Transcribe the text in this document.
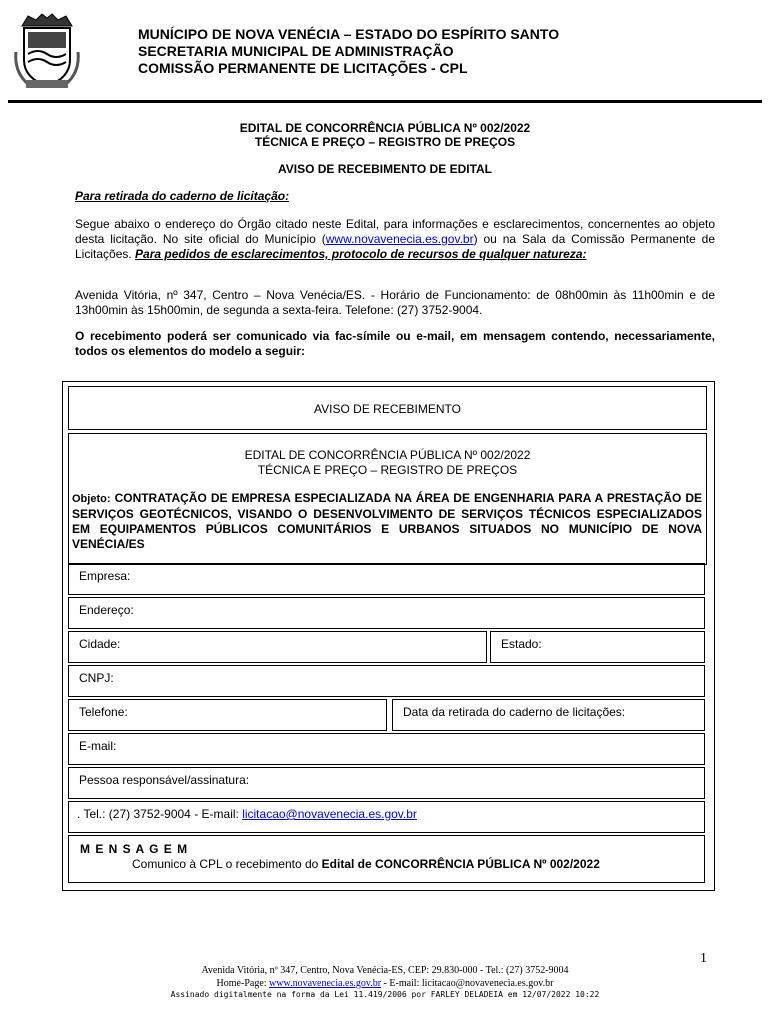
MUNÍCIPO DE NOVA VENÉCIA – ESTADO DO ESPÍRITO SANTO
SECRETARIA MUNICIPAL DE ADMINISTRAÇÃO
COMISSÃO PERMANENTE DE LICITAÇÕES - CPL
EDITAL DE CONCORRÊNCIA PÚBLICA Nº 002/2022
TÉCNICA E PREÇO – REGISTRO DE PREÇOS
AVISO DE RECEBIMENTO DE EDITAL
Para retirada do caderno de licitação:
Segue abaixo o endereço do Órgão citado neste Edital, para informações e esclarecimentos, concernentes ao objeto desta licitação. No site oficial do Município (www.novavenecia.es.gov.br) ou na Sala da Comissão Permanente de Licitações. Para pedidos de esclarecimentos, protocolo de recursos de qualquer natureza:
Avenida Vitória, nº 347, Centro – Nova Venécia/ES. - Horário de Funcionamento: de 08h00min às 11h00min e de 13h00min às 15h00min, de segunda a sexta-feira. Telefone: (27) 3752-9004.
O recebimento poderá ser comunicado via fac-símile ou e-mail, em mensagem contendo, necessariamente, todos os elementos do modelo a seguir:
AVISO DE RECEBIMENTO
EDITAL DE CONCORRÊNCIA PÚBLICA Nº 002/2022
TÉCNICA E PREÇO – REGISTRO DE PREÇOS
Objeto: CONTRATAÇÃO DE EMPRESA ESPECIALIZADA NA ÁREA DE ENGENHARIA PARA A PRESTAÇÃO DE SERVIÇOS GEOTÉCNICOS, VISANDO O DESENVOLVIMENTO DE SERVIÇOS TÉCNICOS ESPECIALIZADOS EM EQUIPAMENTOS PÚBLICOS COMUNITÁRIOS E URBANOS SITUADOS NO MUNICÍPIO DE NOVA VENÉCIA/ES
Empresa:
Endereço:
Cidade:	Estado:
CNPJ:
Telefone:	Data da retirada do caderno de licitações:
E-mail:
Pessoa responsável/assinatura:
. Tel.: (27) 3752-9004 - E-mail: licitacao@novavenecia.es.gov.br
M E N S A G E M
Comunico à CPL o recebimento do Edital de CONCORRÊNCIA PÚBLICA Nº 002/2022
1
Avenida Vitória, nº 347, Centro, Nova Venécia-ES, CEP: 29.830-000 - Tel.: (27) 3752-9004
Home-Page: www.novavenecia.es.gov.br - E-mail: licitacao@novavenecia.es.gov.br
Assinado digitalmente na forma da Lei 11.419/2006 por FARLEY DELADEIA em 12/07/2022 10:22
